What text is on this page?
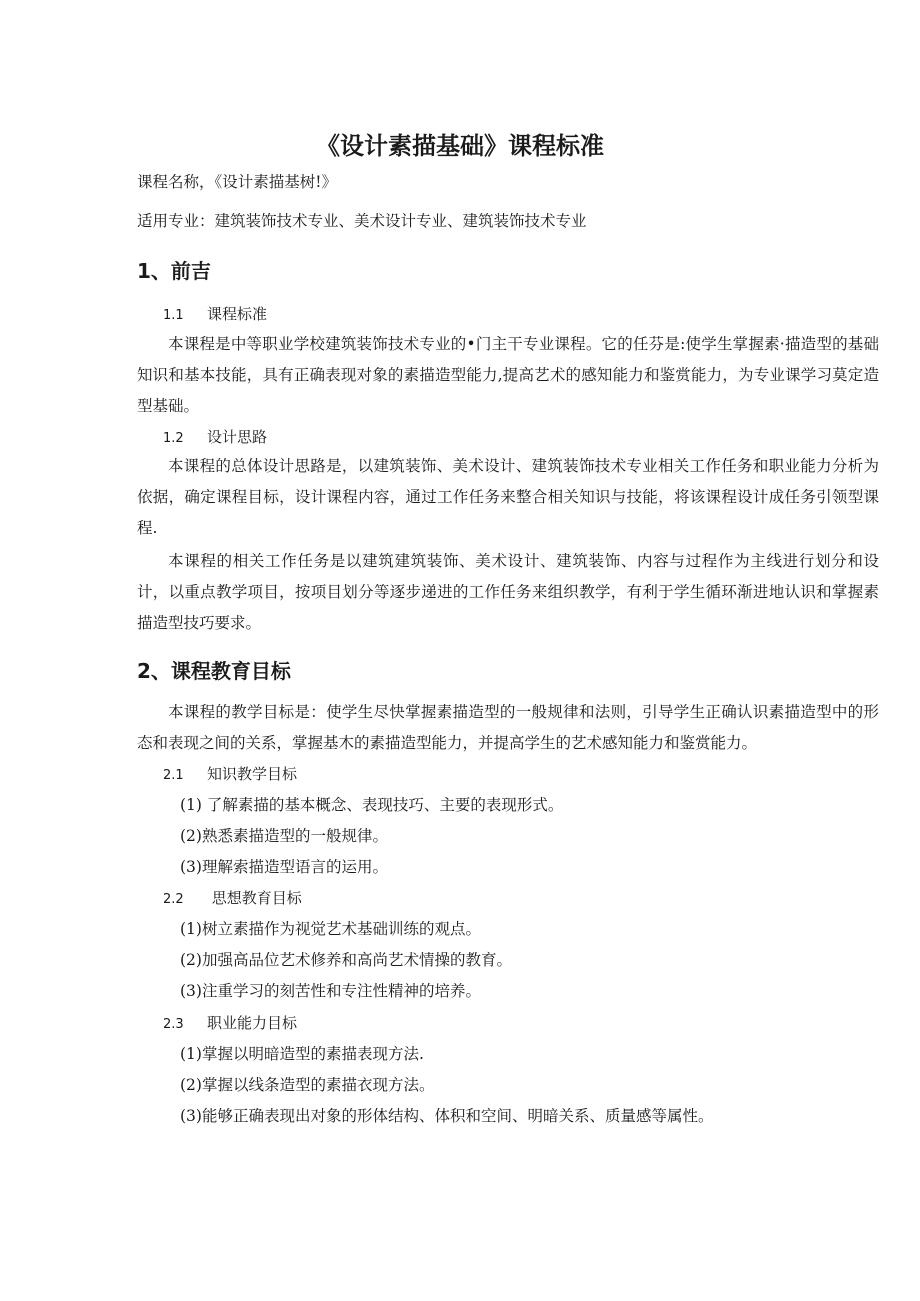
《设计素描基础》课程标准
课程名称，《设计素描基树!》
适用专业：建筑装饰技术专业、美术设计专业、建筑装饰技术专业
1、前吉
1.1 课程标准
本课程是中等职业学校建筑装饰技术专业的•门主干专业课程。它的任芬是:使学生掌握素·描造型的基础知识和基本技能，具有正确表现对象的素描造型能力,提高艺术的感知能力和鉴赏能力，为专业课学习莫定造型基础。
1.2 设计思路
本课程的总体设计思路是，以建筑装饰、美术设计、建筑装饰技术专业相关工作任务和职业能力分析为依据，确定课程目标，设计课程内容，通过工作任务来整合相关知识与技能，将该课程设计成任务引领型课程.
本课程的相关工作任务是以建筑建筑装饰、美术设计、建筑装饰、内容与过程作为主线进行划分和设计，以重点教学项目，按项目划分等逐步递进的工作任务来组织教学，有利于学生循环渐进地认识和掌握素描造型技巧要求。
2、课程教育目标
本课程的教学目标是：使学生尽快掌握素描造型的一般规律和法则，引导学生正确认识素描造型中的形态和表现之间的关系，掌握基木的素描造型能力，并提高学生的艺术感知能力和鉴赏能力。
2.1 知识教学目标
(1) 了解素描的基本概念、表现技巧、主要的表现形式。
(2)熟悉素描造型的一般规律。
(3)理解索描造型语言的运用。
2.2 思想教育目标
(1)树立素描作为视觉艺术基础训练的观点。
(2)加强高品位艺术修养和高尚艺术情操的教育。
(3)注重学习的刻苦性和专注性精神的培养。
2.3 职业能力目标
(1)掌握以明暗造型的素描表现方法.
(2)掌握以线条造型的素描衣现方法。
(3)能够正确表现出对象的形体结构、体积和空间、明暗关系、质量感等属性。
